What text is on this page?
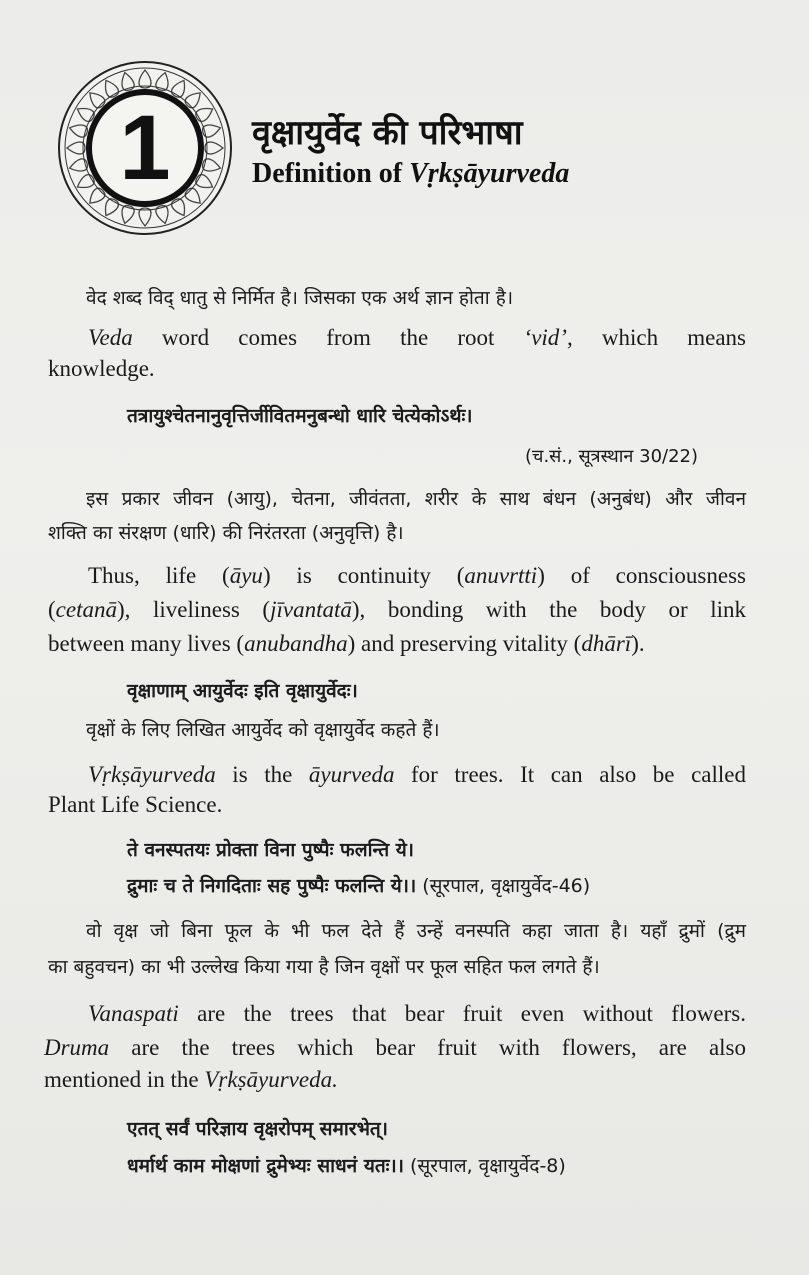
1	वृक्षायुर्वेद की परिभाषा
Definition of Vṛkṣāyurveda
वेद शब्द विद् धातु से निर्मित है। जिसका एक अर्थ ज्ञान होता है।
Veda word comes from the root ‘vid’, which means
knowledge.
तत्रायुश्चेतनानुवृत्तिर्जीवितमनुबन्धो धारि चेत्येकोऽर्थः।
(च.सं., सूत्रस्थान 30/22)
इस प्रकार जीवन (आयु), चेतना, जीवंतता, शरीर के साथ बंधन (अनुबंध) और जीवन
शक्ति का संरक्षण (धारि) की निरंतरता (अनुवृत्ति) है।
Thus, life (āyu) is continuity (anuvrtti) of consciousness
(cetanā), liveliness (jīvantatā), bonding with the body or link
between many lives (anubandha) and preserving vitality (dhārī).
वृक्षाणाम् आयुर्वेदः इति वृक्षायुर्वेदः।
वृक्षों के लिए लिखित आयुर्वेद को वृक्षायुर्वेद कहते हैं।
Vṛkṣāyurveda is the āyurveda for trees. It can also be called
Plant Life Science.
ते वनस्पतयः प्रोक्ता विना पुष्पैः फलन्ति ये।
द्रुमाः च ते निगदिताः सह पुष्पैः फलन्ति ये।। (सूरपाल, वृक्षायुर्वेद-46)
वो वृक्ष जो बिना फूल के भी फल देते हैं उन्हें वनस्पति कहा जाता है। यहाँ द्रुमों (द्रुम
का बहुवचन) का भी उल्लेख किया गया है जिन वृक्षों पर फूल सहित फल लगते हैं।
Vanaspati are the trees that bear fruit even without flowers.
Druma are the trees which bear fruit with flowers, are also
mentioned in the Vṛkṣāyurveda.
एतत् सर्वं परिज्ञाय वृक्षरोपम् समारभेत्।
धर्मार्थ काम मोक्षणां द्रुमेभ्यः साधनं यतः।। (सूरपाल, वृक्षायुर्वेद-8)
